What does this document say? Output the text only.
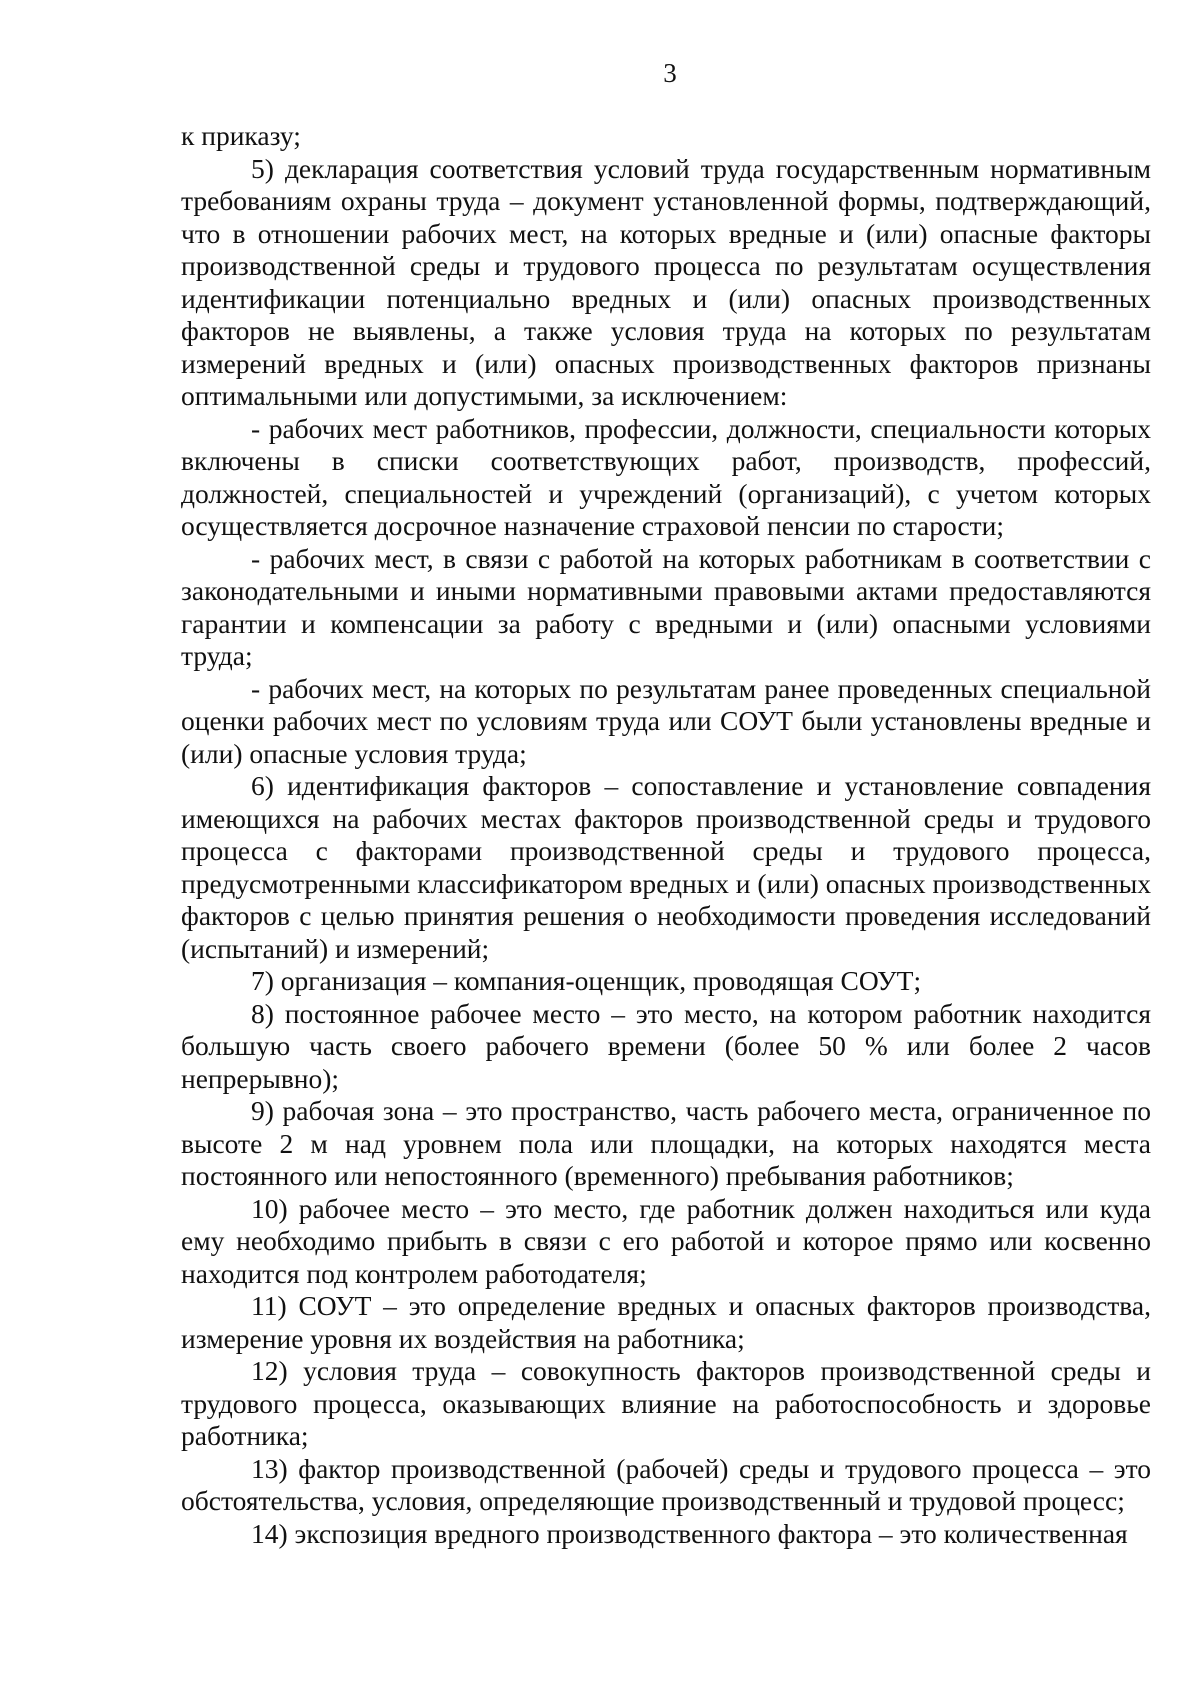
3

к приказу;

5) декларация соответствия условий труда государственным нормативным требованиям охраны труда – документ установленной формы, подтверждающий, что в отношении рабочих мест, на которых вредные и (или) опасные факторы производственной среды и трудового процесса по результатам осуществления идентификации потенциально вредных и (или) опасных производственных факторов не выявлены, а также условия труда на которых по результатам измерений вредных и (или) опасных производственных факторов признаны оптимальными или допустимыми, за исключением:

- рабочих мест работников, профессии, должности, специальности которых включены в списки соответствующих работ, производств, профессий, должностей, специальностей и учреждений (организаций), с учетом которых осуществляется досрочное назначение страховой пенсии по старости;

- рабочих мест, в связи с работой на которых работникам в соответствии с законодательными и иными нормативными правовыми актами предоставляются гарантии и компенсации за работу с вредными и (или) опасными условиями труда;

- рабочих мест, на которых по результатам ранее проведенных специальной оценки рабочих мест по условиям труда или СОУТ были установлены вредные и (или) опасные условия труда;

6) идентификация факторов – сопоставление и установление совпадения имеющихся на рабочих местах факторов производственной среды и трудового процесса с факторами производственной среды и трудового процесса, предусмотренными классификатором вредных и (или) опасных производственных факторов с целью принятия решения о необходимости проведения исследований (испытаний) и измерений;

7) организация – компания-оценщик, проводящая СОУТ;

8) постоянное рабочее место – это место, на котором работник находится большую часть своего рабочего времени (более 50 % или более 2 часов непрерывно);

9) рабочая зона – это пространство, часть рабочего места, ограниченное по высоте 2 м над уровнем пола или площадки, на которых находятся места постоянного или непостоянного (временного) пребывания работников;

10) рабочее место – это место, где работник должен находиться или куда ему необходимо прибыть в связи с его работой и которое прямо или косвенно находится под контролем работодателя;

11) СОУТ – это определение вредных и опасных факторов производства, измерение уровня их воздействия на работника;

12) условия труда – совокупность факторов производственной среды и трудового процесса, оказывающих влияние на работоспособность и здоровье работника;

13) фактор производственной (рабочей) среды и трудового процесса – это обстоятельства, условия, определяющие производственный и трудовой процесс;

14) экспозиция вредного производственного фактора – это количественная
